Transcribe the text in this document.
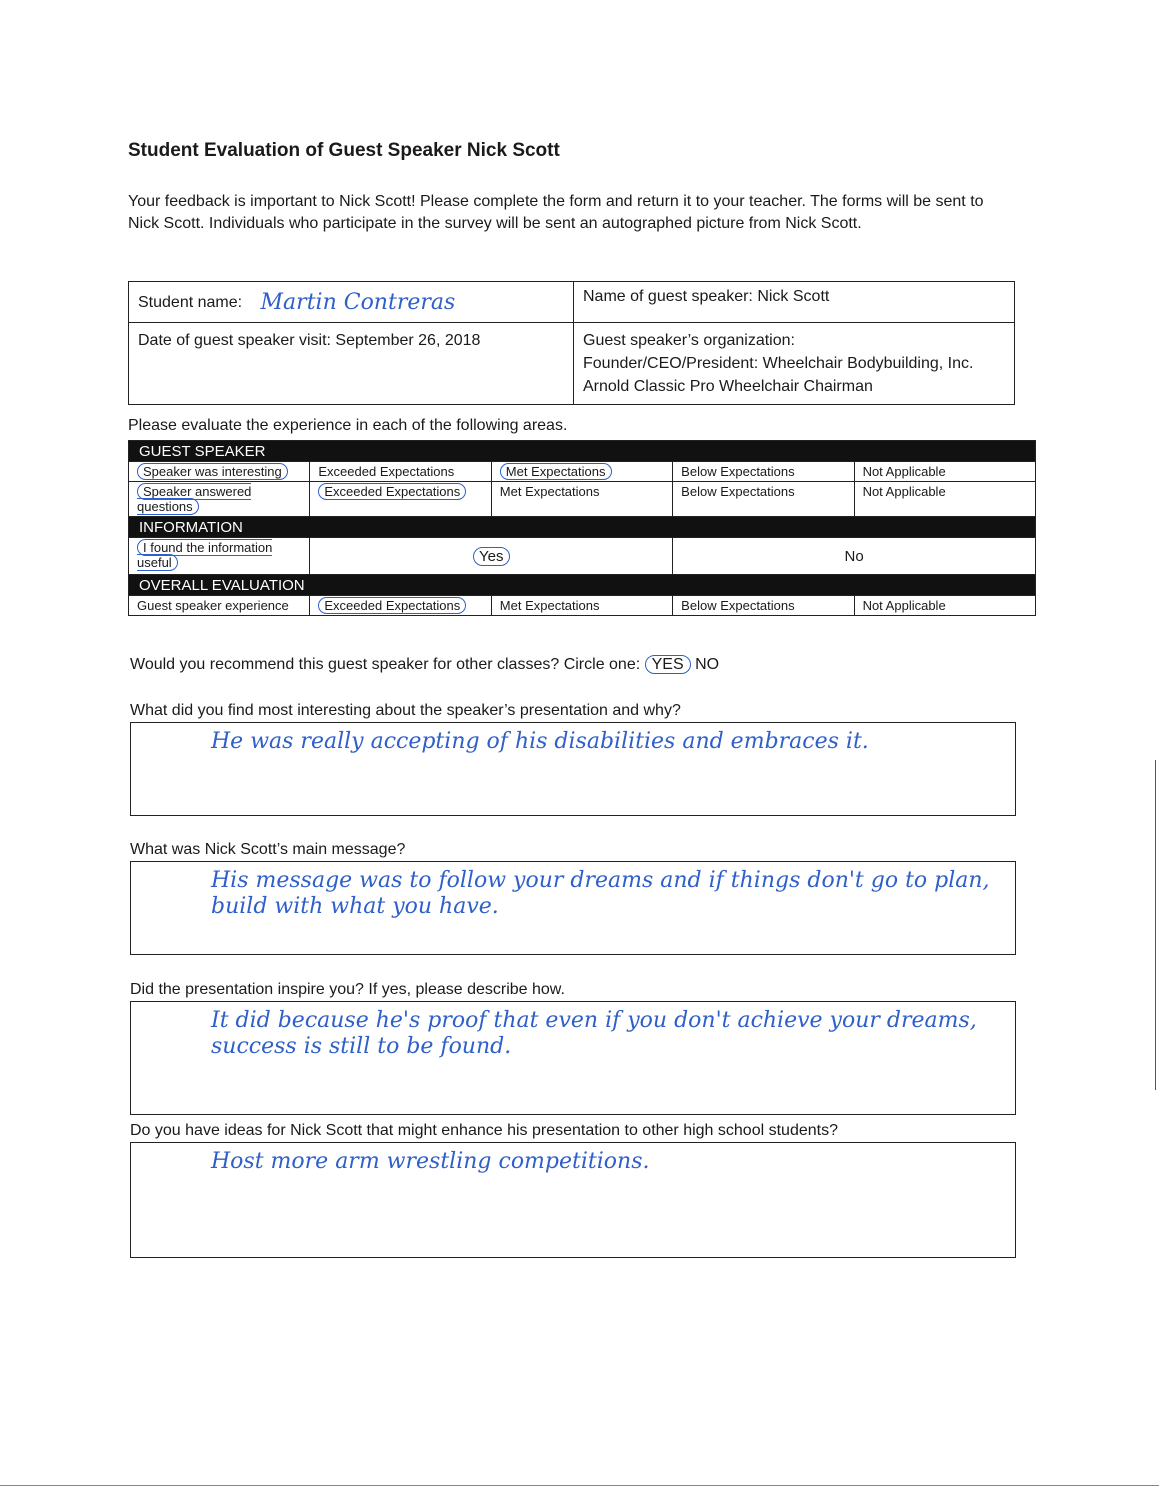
Student Evaluation of Guest Speaker Nick Scott
Your feedback is important to Nick Scott! Please complete the form and return it to your teacher. The forms will be sent to Nick Scott. Individuals who participate in the survey will be sent an autographed picture from Nick Scott.
Student name: Martin Contreras	Name of guest speaker: Nick Scott
Date of guest speaker visit: September 26, 2018	Guest speaker’s organization:
Founder/CEO/President: Wheelchair Bodybuilding, Inc.
Arnold Classic Pro Wheelchair Chairman
Please evaluate the experience in each of the following areas.
GUEST SPEAKER				
Speaker was interesting	Exceeded Expectations	Met Expectations	Below Expectations	Not Applicable
Speaker answered questions	Exceeded Expectations	Met Expectations	Below Expectations	Not Applicable
INFORMATION				
I found the information useful	Yes		No	
OVERALL EVALUATION				
Guest speaker experience	Exceeded Expectations	Met Expectations	Below Expectations	Not Applicable
Would you recommend this guest speaker for other classes? Circle one: YES NO
What did you find most interesting about the speaker’s presentation and why?
He was really accepting of his disabilities and embraces it.
What was Nick Scott’s main message?
His message was to follow your dreams and if things don't go to plan, build with what you have.
Did the presentation inspire you? If yes, please describe how.
It did because he's proof that even if you don't achieve your dreams, success is still to be found.
Do you have ideas for Nick Scott that might enhance his presentation to other high school students?
Host more arm wrestling competitions.
